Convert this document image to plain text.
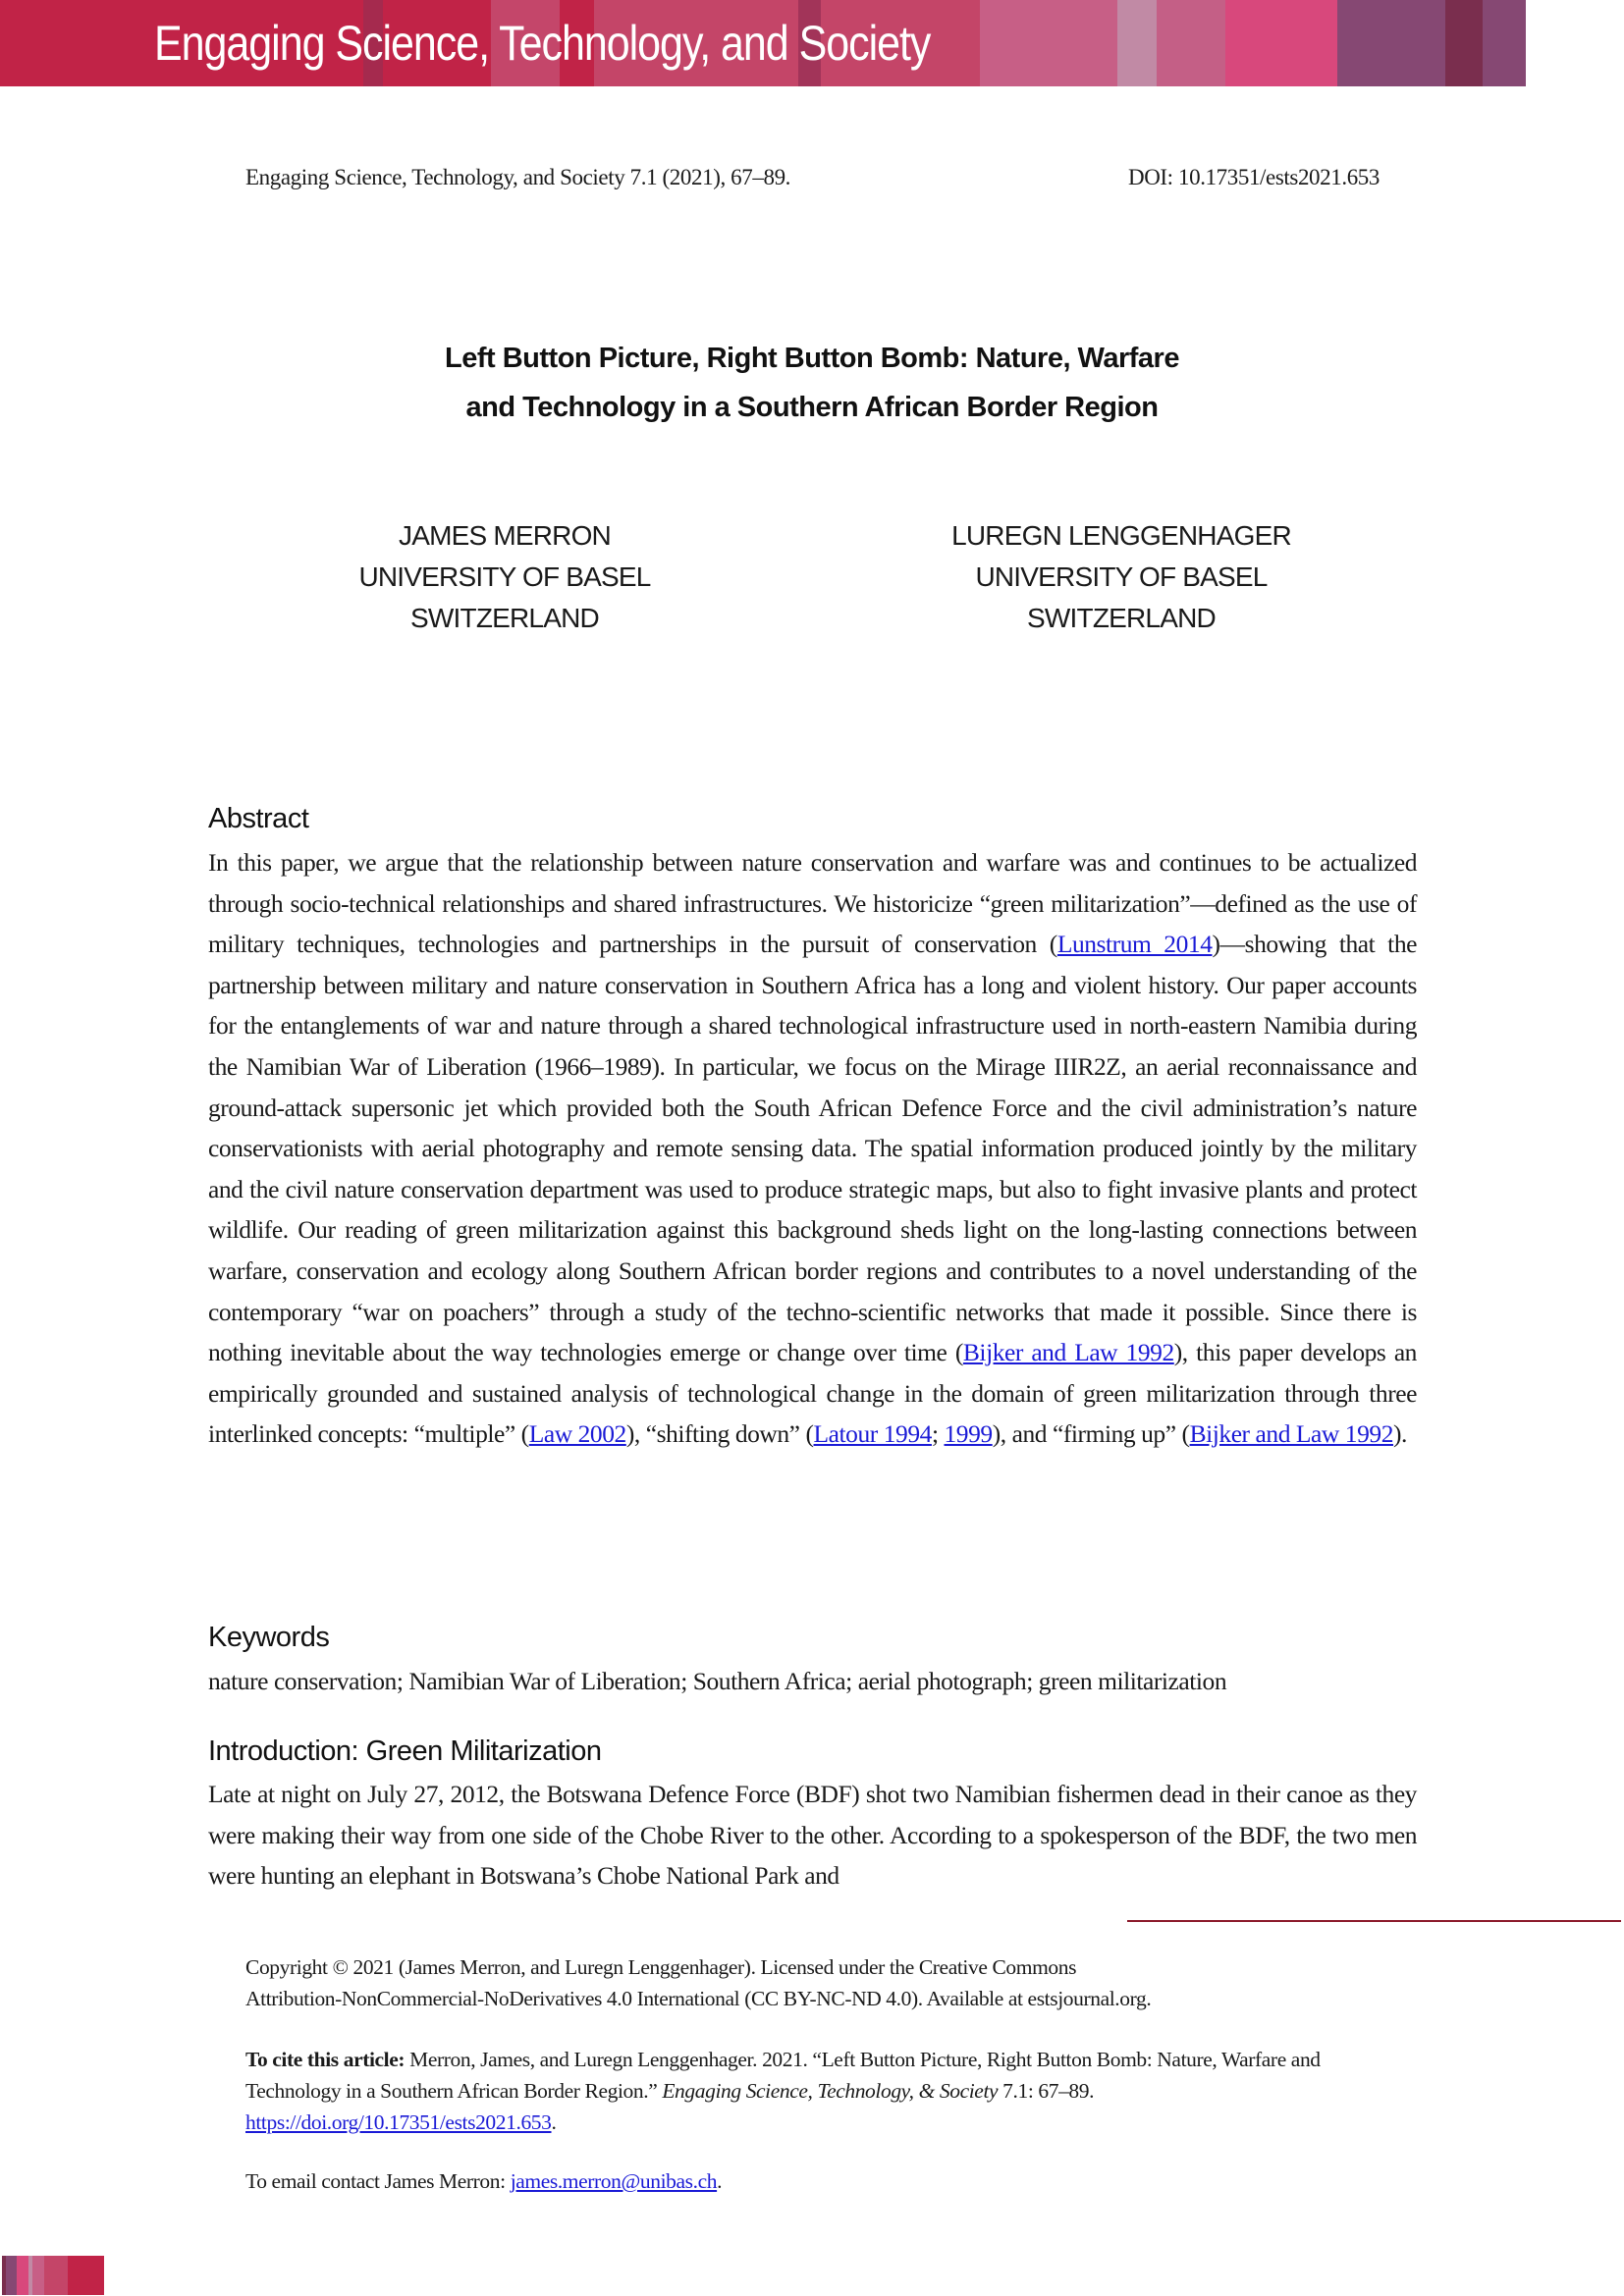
Engaging Science, Technology, and Society
Engaging Science, Technology, and Society 7.1 (2021), 67–89.	DOI: 10.17351/ests2021.653
Left Button Picture, Right Button Bomb: Nature, Warfare
and Technology in a Southern African Border Region
JAMES MERRON
UNIVERSITY OF BASEL
SWITZERLAND
LUREGN LENGGENHAGER
UNIVERSITY OF BASEL
SWITZERLAND
Abstract
In this paper, we argue that the relationship between nature conservation and warfare was and continues to be actualized through socio-technical relationships and shared infrastructures. We historicize “green militarization”—defined as the use of military techniques, technologies and partnerships in the pursuit of conservation (Lunstrum 2014)—showing that the partnership between military and nature conservation in Southern Africa has a long and violent history. Our paper accounts for the entanglements of war and nature through a shared technological infrastructure used in north-eastern Namibia during the Namibian War of Liberation (1966–1989). In particular, we focus on the Mirage IIIR2Z, an aerial reconnaissance and ground-attack supersonic jet which provided both the South African Defence Force and the civil administration’s nature conservationists with aerial photography and remote sensing data. The spatial information produced jointly by the military and the civil nature conservation department was used to produce strategic maps, but also to fight invasive plants and protect wildlife. Our reading of green militarization against this background sheds light on the long-lasting connections between warfare, conservation and ecology along Southern African border regions and contributes to a novel understanding of the contemporary “war on poachers” through a study of the techno-scientific networks that made it possible. Since there is nothing inevitable about the way technologies emerge or change over time (Bijker and Law 1992), this paper develops an empirically grounded and sustained analysis of technological change in the domain of green militarization through three interlinked concepts: “multiple” (Law 2002), “shifting down” (Latour 1994; 1999), and “firming up” (Bijker and Law 1992).
Keywords
nature conservation; Namibian War of Liberation; Southern Africa; aerial photograph; green militarization
Introduction: Green Militarization
Late at night on July 27, 2012, the Botswana Defence Force (BDF) shot two Namibian fishermen dead in their canoe as they were making their way from one side of the Chobe River to the other. According to a spokesperson of the BDF, the two men were hunting an elephant in Botswana’s Chobe National Park and
Copyright © 2021 (James Merron, and Luregn Lenggenhager). Licensed under the Creative Commons
Attribution-NonCommercial-NoDerivatives 4.0 International (CC BY-NC-ND 4.0). Available at estsjournal.org.
To cite this article: Merron, James, and Luregn Lenggenhager. 2021. “Left Button Picture, Right Button Bomb: Nature, Warfare and Technology in a Southern African Border Region.” Engaging Science, Technology, & Society 7.1: 67–89. https://doi.org/10.17351/ests2021.653.
To email contact James Merron: james.merron@unibas.ch.
